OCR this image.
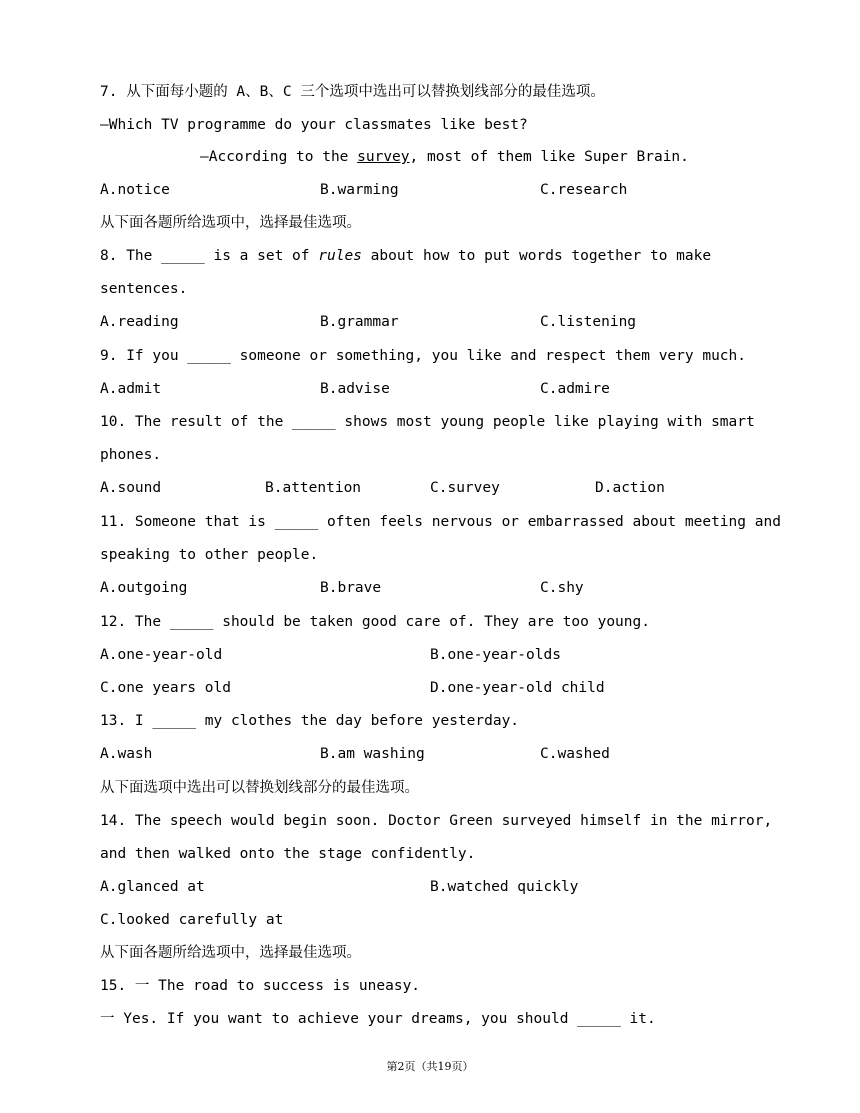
7. 从下面每小题的 A、B、C 三个选项中选出可以替换划线部分的最佳选项。
—Which TV programme do your classmates like best?
—According to the survey, most of them like Super Brain.
A.notice	B.warming	C.research
从下面各题所给选项中，选择最佳选项。
8. The _____ is a set of rules about how to put words together to make
sentences.
A.reading	B.grammar	C.listening
9. If you _____ someone or something, you like and respect them very much.
A.admit	B.advise	C.admire
10. The result of the _____ shows most young people like playing with smart
phones.
A.sound	B.attention	C.survey	D.action
11. Someone that is _____ often feels nervous or embarrassed about meeting and
speaking to other people.
A.outgoing	B.brave	C.shy
12. The _____ should be taken good care of. They are too young.
A.one-year-old	B.one-year-olds
C.one years old	D.one-year-old child
13. I _____ my clothes the day before yesterday.
A.wash	B.am washing	C.washed
从下面选项中选出可以替换划线部分的最佳选项。
14. The speech would begin soon. Doctor Green surveyed himself in the mirror,
and then walked onto the stage confidently.
A.glanced at	B.watched quickly
C.looked carefully at
从下面各题所给选项中，选择最佳选项。
15. 一 The road to success is uneasy.
一 Yes. If you want to achieve your dreams, you should _____ it.
第2页（共19页）
